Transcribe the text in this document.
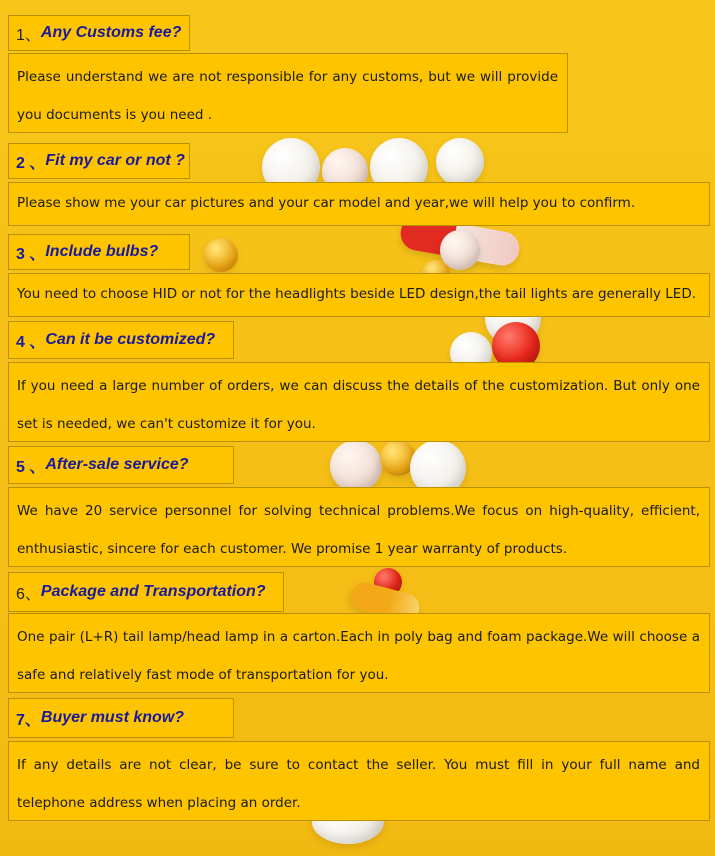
1、 Any Customs fee?
Please understand we are not responsible for any customs, but we will provide you documents is you need .
2 、 Fit my car or not ?
Please show me your car pictures and your car model and year,we will help you to confirm.
3 、 Include bulbs?
You need to choose HID or not for the headlights beside LED design,the tail lights are generally LED.
4 、 Can it be customized?
If you need a large number of orders, we can discuss the details of the customization. But only one set is needed, we can't customize it for you.
5 、 After-sale service?
We have 20 service personnel for solving technical problems.We focus on high-quality, efficient, enthusiastic, sincere for each customer. We promise 1 year warranty of products.
6、 Package and Transportation?
One pair (L+R) tail lamp/head lamp in a carton.Each in poly bag and foam package.We will choose a safe and relatively fast mode of transportation for you.
7、 Buyer must know?
If any details are not clear, be sure to contact the seller. You must fill in your full name and telephone address when placing an order.
